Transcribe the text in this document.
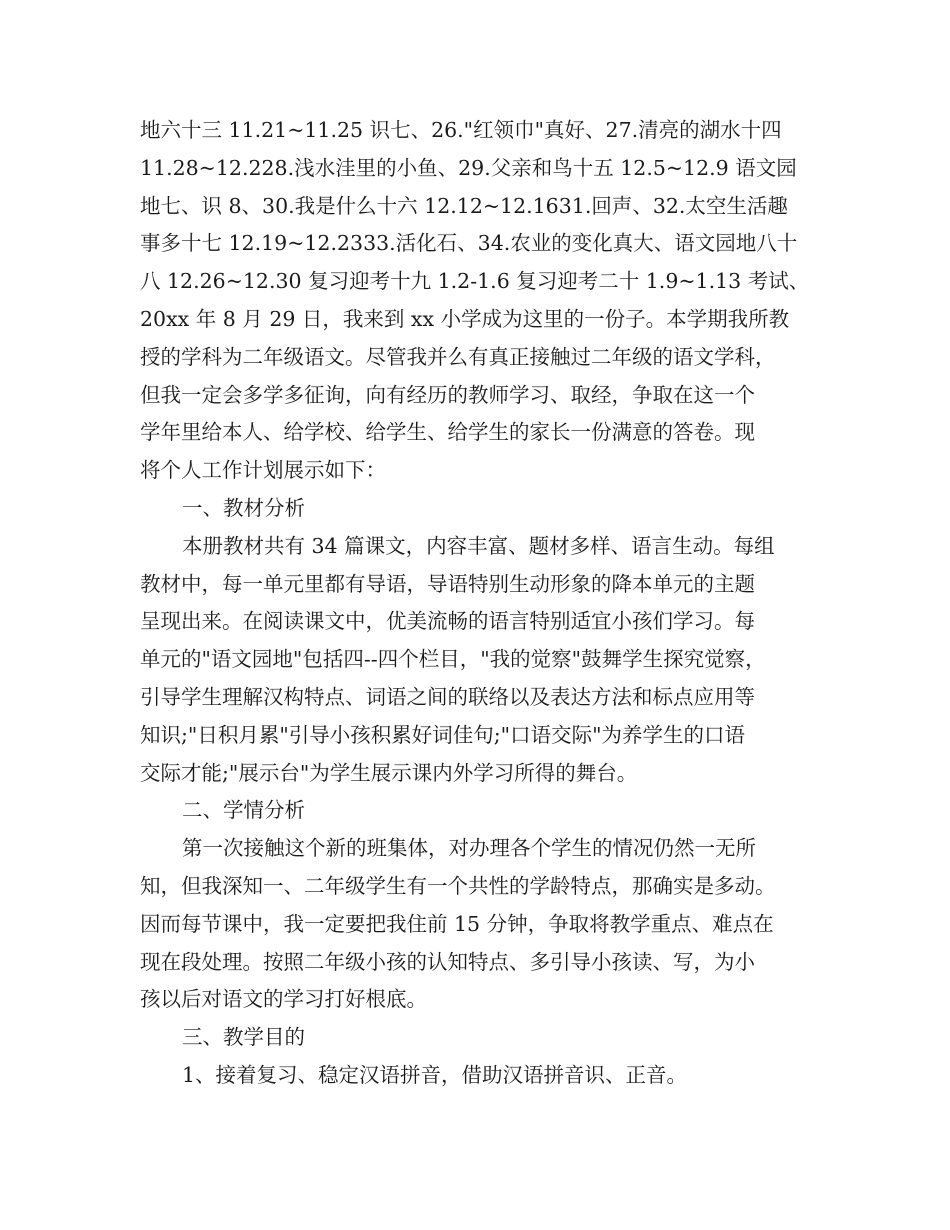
地六十三 11.21~11.25 识七、26."红领巾"真好、27.清亮的湖水十四
11.28~12.228.浅水洼里的小鱼、29.父亲和鸟十五 12.5~12.9 语文园
地七、识 8、30.我是什么十六 12.12~12.1631.回声、32.太空生活趣
事多十七 12.19~12.2333.活化石、34.农业的变化真大、语文园地八十
八 12.26~12.30 复习迎考十九 1.2-1.6 复习迎考二十 1.9~1.13 考试、
20xx 年 8 月 29 日，我来到 xx 小学成为这里的一份子。本学期我所教
授的学科为二年级语文。尽管我并么有真正接触过二年级的语文学科，
但我一定会多学多征询，向有经历的教师学习、取经，争取在这一个
学年里给本人、给学校、给学生、给学生的家长一份满意的答卷。现
将个人工作计划展示如下：
一、教材分析
本册教材共有 34 篇课文，内容丰富、题材多样、语言生动。每组
教材中，每一单元里都有导语，导语特别生动形象的降本单元的主题
呈现出来。在阅读课文中，优美流畅的语言特别适宜小孩们学习。每
单元的"语文园地"包括四--四个栏目，"我的觉察"鼓舞学生探究觉察，
引导学生理解汉构特点、词语之间的联络以及表达方法和标点应用等
知识;"日积月累"引导小孩积累好词佳句;"口语交际"为养学生的口语
交际才能;"展示台"为学生展示课内外学习所得的舞台。
二、学情分析
第一次接触这个新的班集体，对办理各个学生的情况仍然一无所
知，但我深知一、二年级学生有一个共性的学龄特点，那确实是多动。
因而每节课中，我一定要把我住前 15 分钟，争取将教学重点、难点在
现在段处理。按照二年级小孩的认知特点、多引导小孩读、写，为小
孩以后对语文的学习打好根底。
三、教学目的
1、接着复习、稳定汉语拼音，借助汉语拼音识、正音。
